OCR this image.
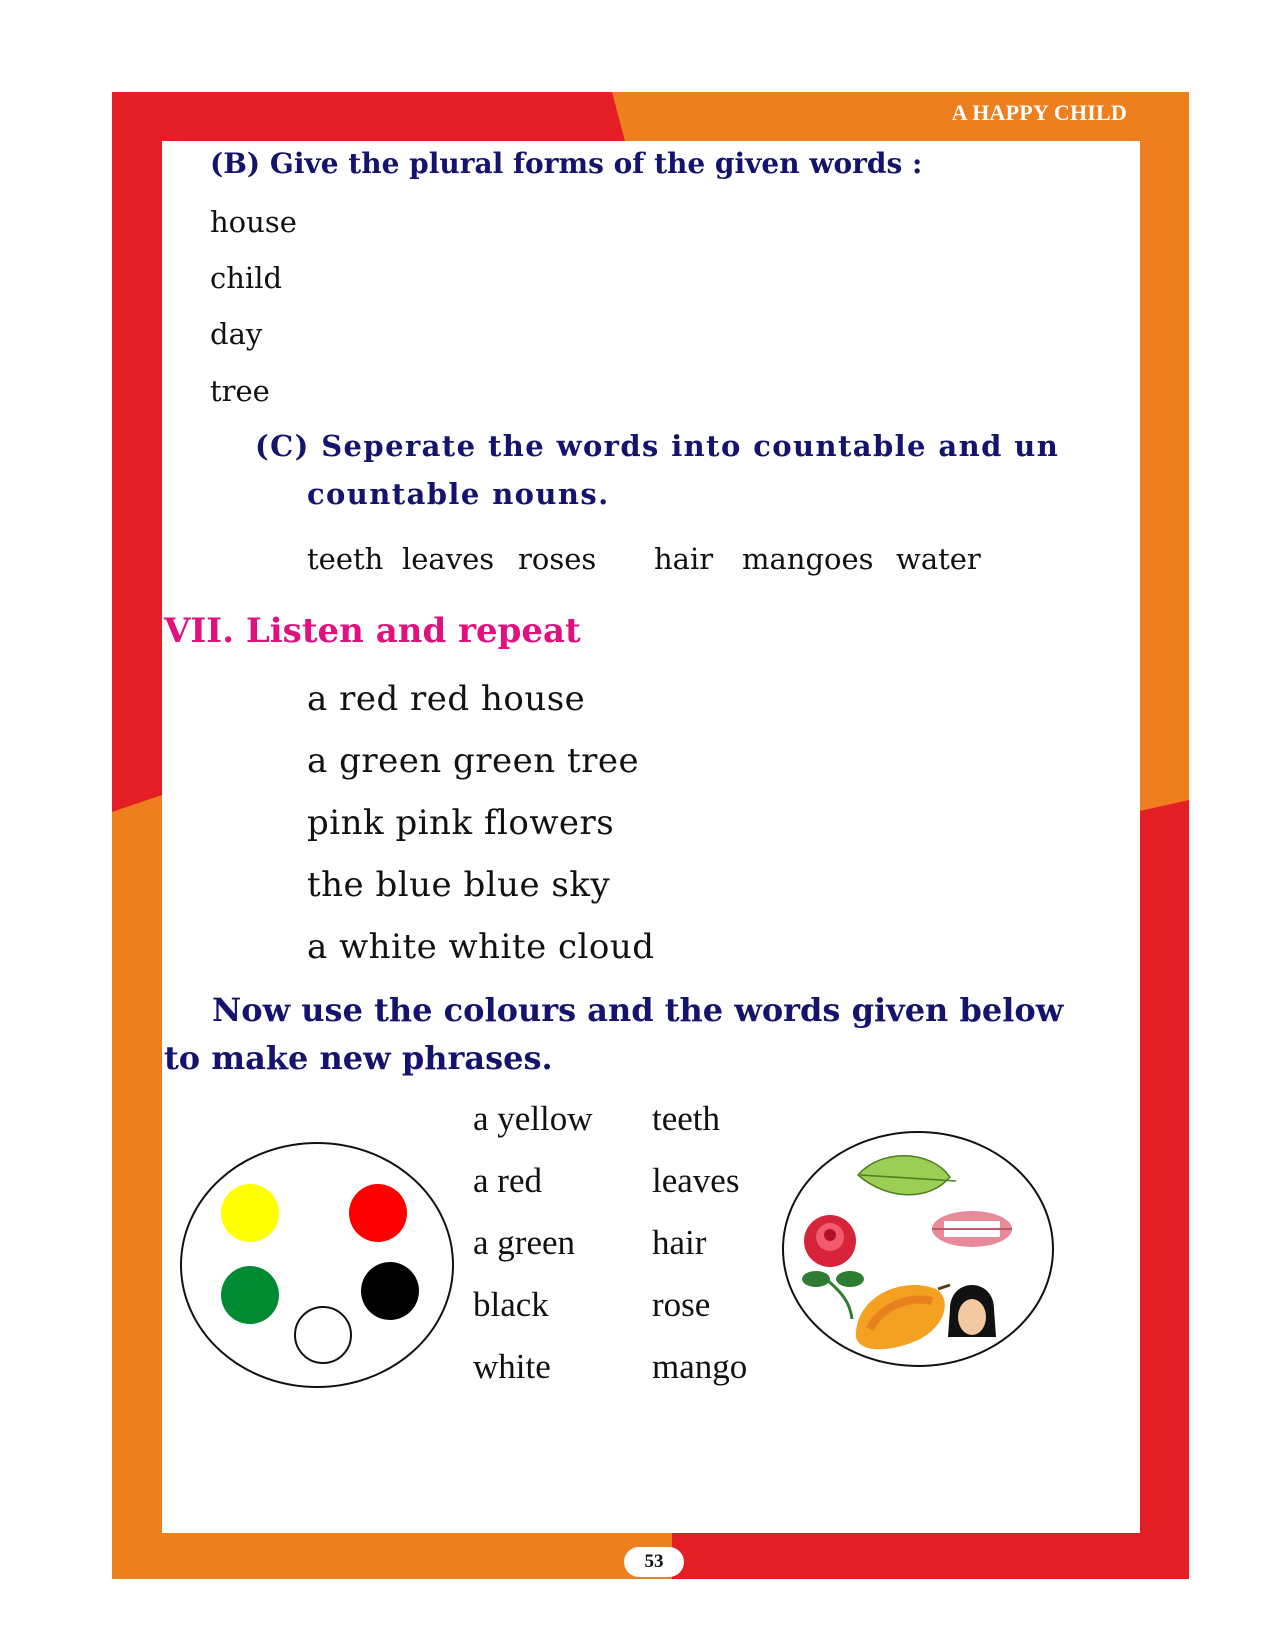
A HAPPY CHILD
(B) Give the plural forms of the given words :
house
child
day
tree
(C) Seperate the words into countable and un
countable nouns.
teeth leaves roses hair mangoes water
VII. Listen and repeat
a red red house
a green green tree
pink pink flowers
the blue blue sky
a white white cloud
Now use the colours and the words given below
to make new phrases.
a yellow
a red
a green
black
white
teeth
leaves
hair
rose
mango
53
